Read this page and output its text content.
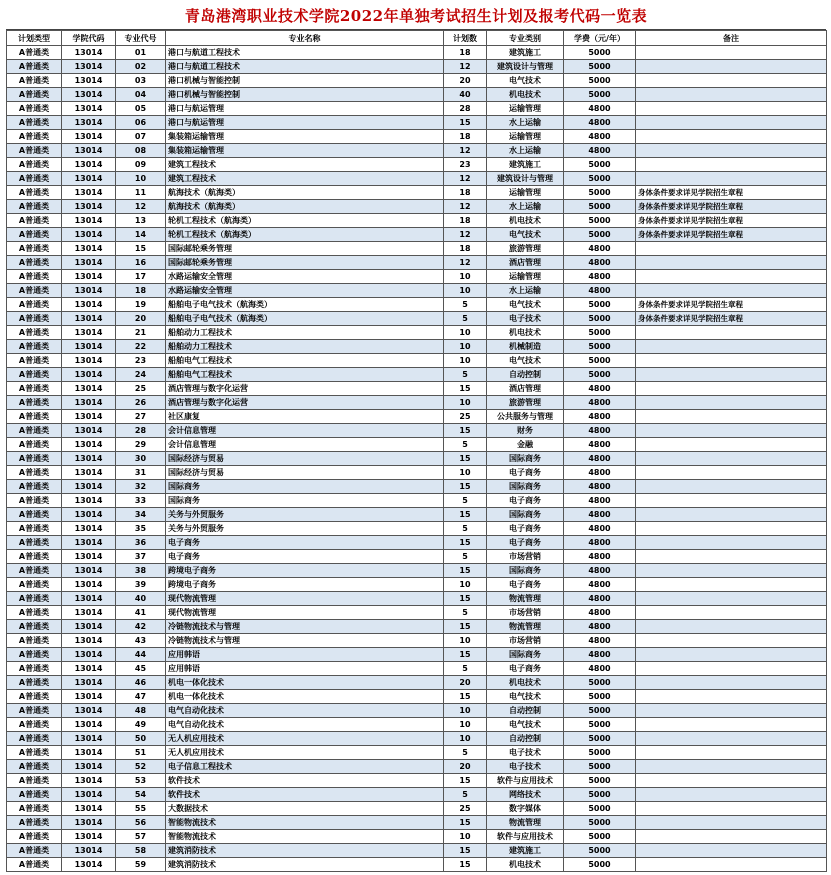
青岛港湾职业技术学院2022年单独考试招生计划及报考代码一览表
计划类型	学院代码	专业代号	专业名称	计划数	专业类别	学费（元/年）	备注
A普通类	13014	01	港口与航道工程技术	18	建筑施工	5000	
A普通类	13014	02	港口与航道工程技术	12	建筑设计与管理	5000	
A普通类	13014	03	港口机械与智能控制	20	电气技术	5000	
A普通类	13014	04	港口机械与智能控制	40	机电技术	5000	
A普通类	13014	05	港口与航运管理	28	运输管理	4800	
A普通类	13014	06	港口与航运管理	15	水上运输	4800	
A普通类	13014	07	集装箱运输管理	18	运输管理	4800	
A普通类	13014	08	集装箱运输管理	12	水上运输	4800	
A普通类	13014	09	建筑工程技术	23	建筑施工	5000	
A普通类	13014	10	建筑工程技术	12	建筑设计与管理	5000	
A普通类	13014	11	航海技术（航海类）	18	运输管理	5000	身体条件要求详见学院招生章程
A普通类	13014	12	航海技术（航海类）	12	水上运输	5000	身体条件要求详见学院招生章程
A普通类	13014	13	轮机工程技术（航海类）	18	机电技术	5000	身体条件要求详见学院招生章程
A普通类	13014	14	轮机工程技术（航海类）	12	电气技术	5000	身体条件要求详见学院招生章程
A普通类	13014	15	国际邮轮乘务管理	18	旅游管理	4800	
A普通类	13014	16	国际邮轮乘务管理	12	酒店管理	4800	
A普通类	13014	17	水路运输安全管理	10	运输管理	4800	
A普通类	13014	18	水路运输安全管理	10	水上运输	4800	
A普通类	13014	19	船舶电子电气技术（航海类）	5	电气技术	5000	身体条件要求详见学院招生章程
A普通类	13014	20	船舶电子电气技术（航海类）	5	电子技术	5000	身体条件要求详见学院招生章程
A普通类	13014	21	船舶动力工程技术	10	机电技术	5000	
A普通类	13014	22	船舶动力工程技术	10	机械制造	5000	
A普通类	13014	23	船舶电气工程技术	10	电气技术	5000	
A普通类	13014	24	船舶电气工程技术	5	自动控制	5000	
A普通类	13014	25	酒店管理与数字化运营	15	酒店管理	4800	
A普通类	13014	26	酒店管理与数字化运营	10	旅游管理	4800	
A普通类	13014	27	社区康复	25	公共服务与管理	4800	
A普通类	13014	28	会计信息管理	15	财务	4800	
A普通类	13014	29	会计信息管理	5	金融	4800	
A普通类	13014	30	国际经济与贸易	15	国际商务	4800	
A普通类	13014	31	国际经济与贸易	10	电子商务	4800	
A普通类	13014	32	国际商务	15	国际商务	4800	
A普通类	13014	33	国际商务	5	电子商务	4800	
A普通类	13014	34	关务与外贸服务	15	国际商务	4800	
A普通类	13014	35	关务与外贸服务	5	电子商务	4800	
A普通类	13014	36	电子商务	15	电子商务	4800	
A普通类	13014	37	电子商务	5	市场营销	4800	
A普通类	13014	38	跨境电子商务	15	国际商务	4800	
A普通类	13014	39	跨境电子商务	10	电子商务	4800	
A普通类	13014	40	现代物流管理	15	物流管理	4800	
A普通类	13014	41	现代物流管理	5	市场营销	4800	
A普通类	13014	42	冷链物流技术与管理	15	物流管理	4800	
A普通类	13014	43	冷链物流技术与管理	10	市场营销	4800	
A普通类	13014	44	应用韩语	15	国际商务	4800	
A普通类	13014	45	应用韩语	5	电子商务	4800	
A普通类	13014	46	机电一体化技术	20	机电技术	5000	
A普通类	13014	47	机电一体化技术	15	电气技术	5000	
A普通类	13014	48	电气自动化技术	10	自动控制	5000	
A普通类	13014	49	电气自动化技术	10	电气技术	5000	
A普通类	13014	50	无人机应用技术	10	自动控制	5000	
A普通类	13014	51	无人机应用技术	5	电子技术	5000	
A普通类	13014	52	电子信息工程技术	20	电子技术	5000	
A普通类	13014	53	软件技术	15	软件与应用技术	5000	
A普通类	13014	54	软件技术	5	网络技术	5000	
A普通类	13014	55	大数据技术	25	数字媒体	5000	
A普通类	13014	56	智能物流技术	15	物流管理	5000	
A普通类	13014	57	智能物流技术	10	软件与应用技术	5000	
A普通类	13014	58	建筑消防技术	15	建筑施工	5000	
A普通类	13014	59	建筑消防技术	15	机电技术	5000	
